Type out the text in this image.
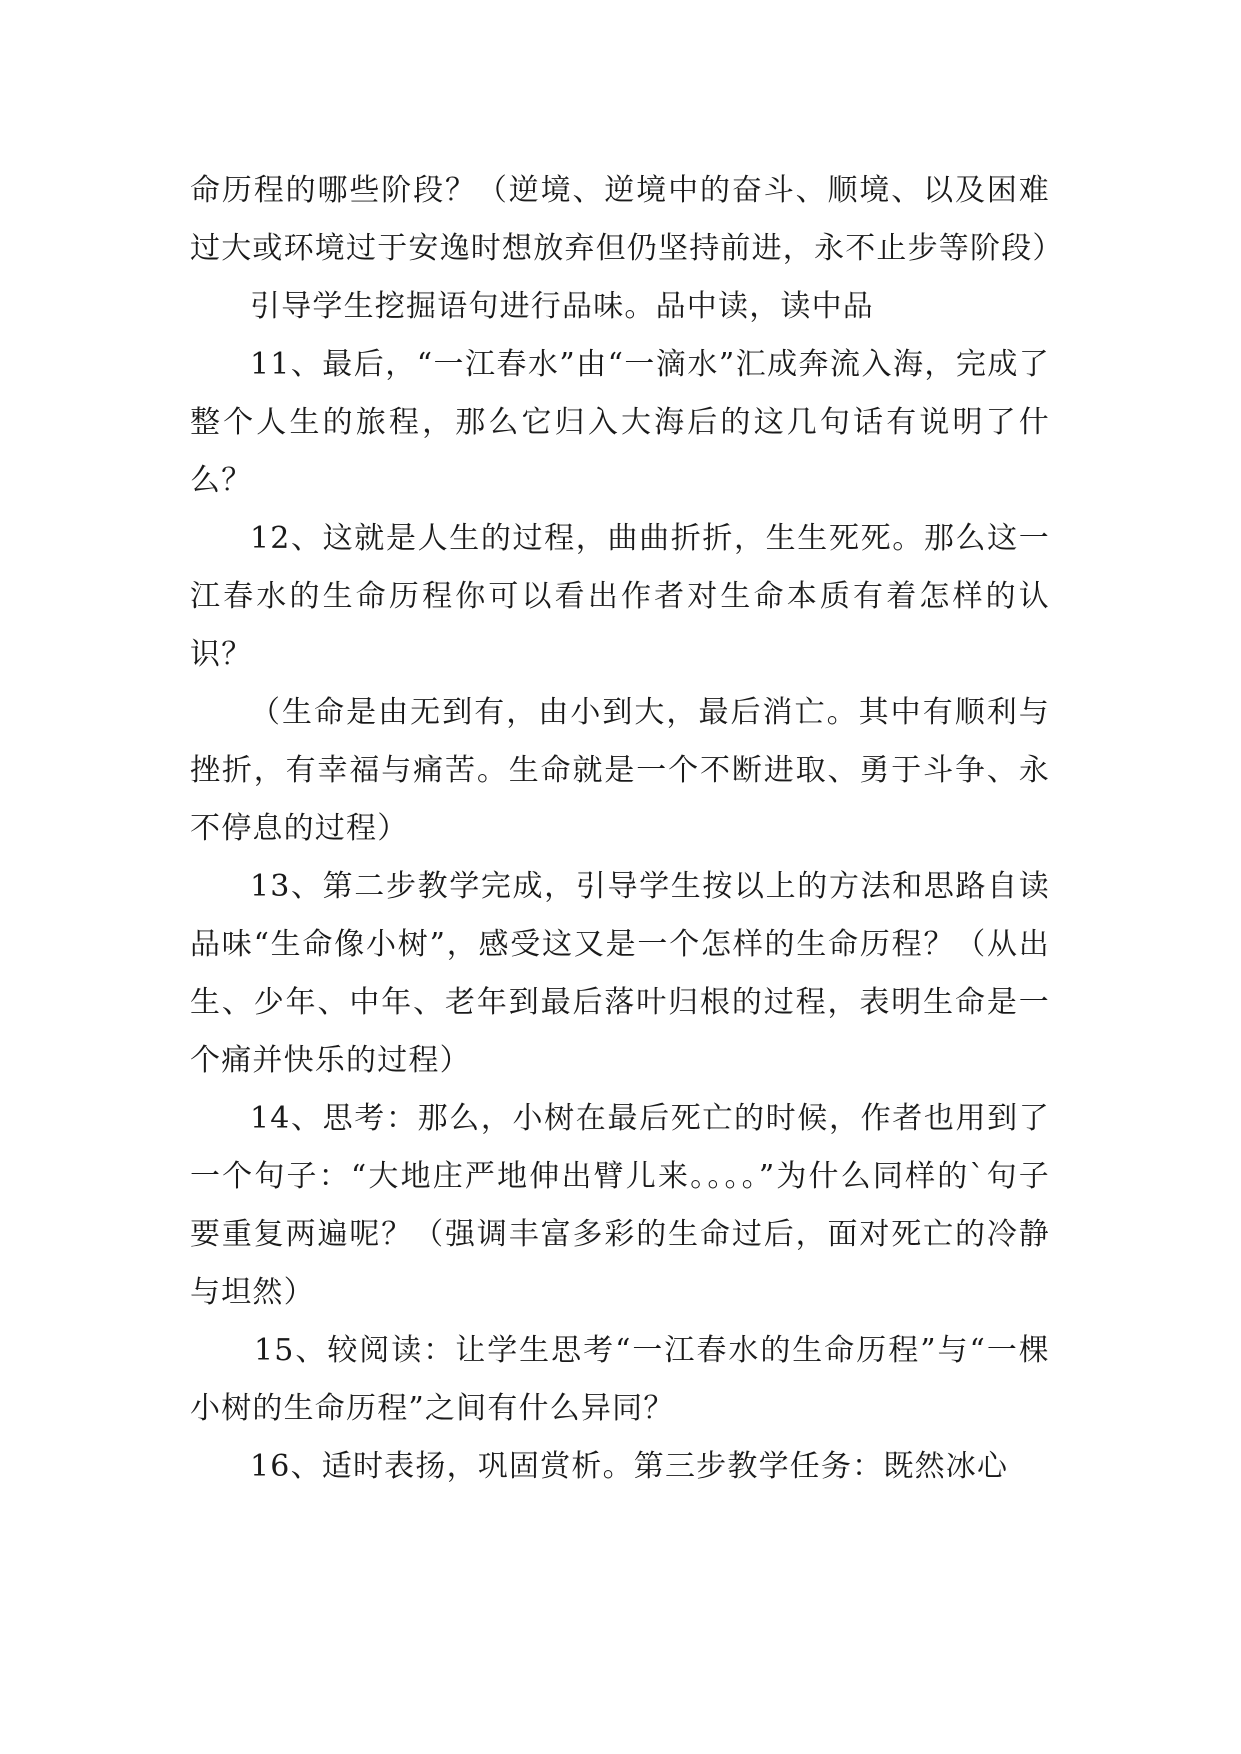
命历程的哪些阶段？（逆境、逆境中的奋斗、顺境、以及困难过大或环境过于安逸时想放弃但仍坚持前进，永不止步等阶段）

引导学生挖掘语句进行品味。品中读，读中品

11、最后，“一江春水”由“一滴水”汇成奔流入海，完成了整个人生的旅程，那么它归入大海后的这几句话有说明了什么？

12、这就是人生的过程，曲曲折折，生生死死。那么这一江春水的生命历程你可以看出作者对生命本质有着怎样的认识？

（生命是由无到有，由小到大，最后消亡。其中有顺利与挫折，有幸福与痛苦。生命就是一个不断进取、勇于斗争、永不停息的过程）

13、第二步教学完成，引导学生按以上的方法和思路自读品味“生命像小树”，感受这又是一个怎样的生命历程？（从出生、少年、中年、老年到最后落叶归根的过程，表明生命是一个痛并快乐的过程）

14、思考：那么，小树在最后死亡的时候，作者也用到了一个句子：“大地庄严地伸出臂儿来。。。。”为什么同样的`句子要重复两遍呢？（强调丰富多彩的生命过后，面对死亡的冷静与坦然）

15、较阅读：让学生思考“一江春水的生命历程”与“一棵小树的生命历程”之间有什么异同？

16、适时表扬，巩固赏析。第三步教学任务：既然冰心
